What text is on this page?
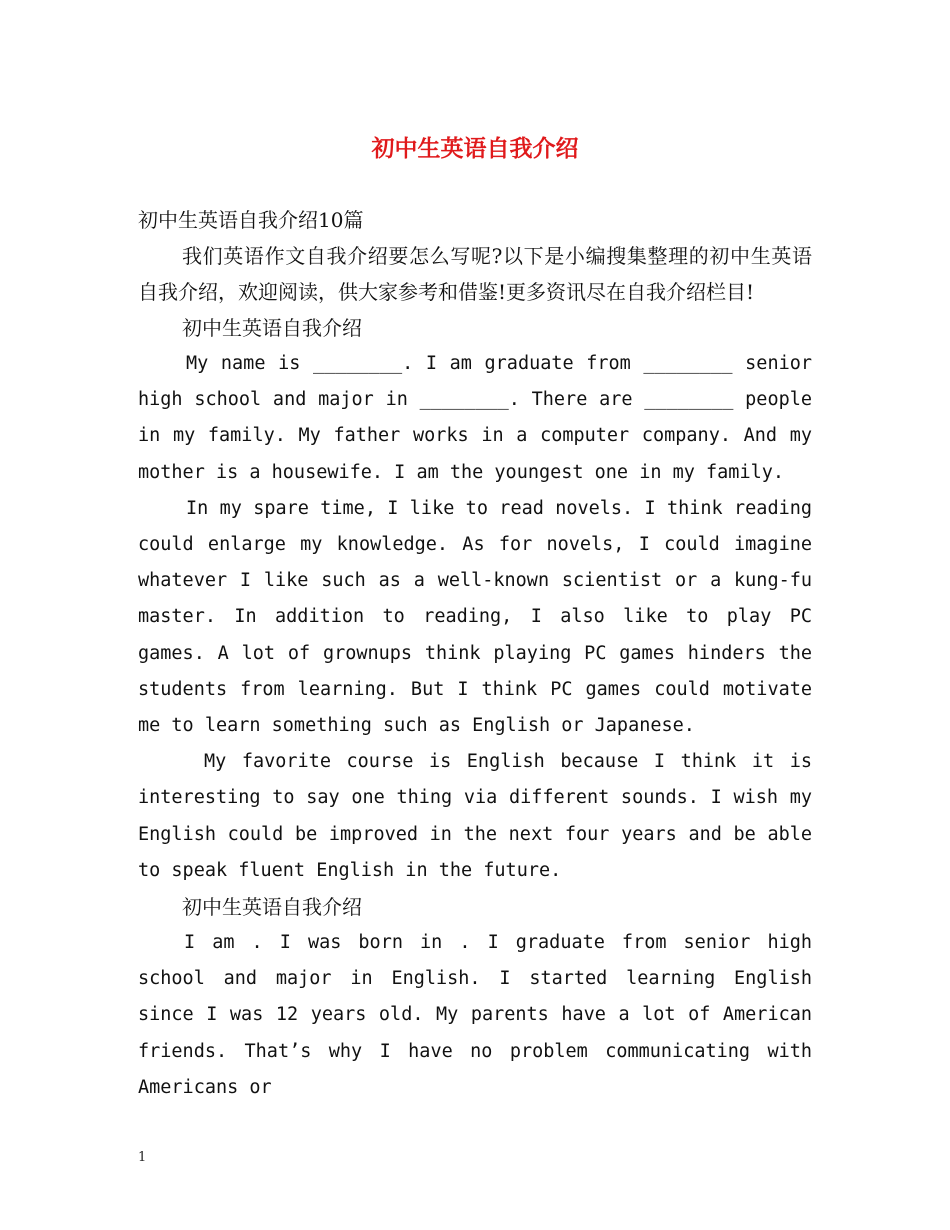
初中生英语自我介绍

初中生英语自我介绍10篇

我们英语作文自我介绍要怎么写呢?以下是小编搜集整理的初中生英语自我介绍，欢迎阅读，供大家参考和借鉴!更多资讯尽在自我介绍栏目!

初中生英语自我介绍

My name is ________. I am graduate from ________ senior high school and major in ________. There are ________ people in my family. My father works in a computer company. And my mother is a housewife. I am the youngest one in my family.

In my spare time, I like to read novels. I think reading could enlarge my knowledge. As for novels, I could imagine whatever I like such as a well-known scientist or a kung-fu master. In addition to reading, I also like to play PC games. A lot of grownups think playing PC games hinders the students from learning. But I think PC games could motivate me to learn something such as English or Japanese.

My favorite course is English because I think it is interesting to say one thing via different sounds. I wish my English could be improved in the next four years and be able to speak fluent English in the future.

初中生英语自我介绍

I am . I was born in . I graduate from senior high school and major in English. I started learning English since I was 12 years old. My parents have a lot of American friends. That’s why I have no problem communicating with Americans or

1
